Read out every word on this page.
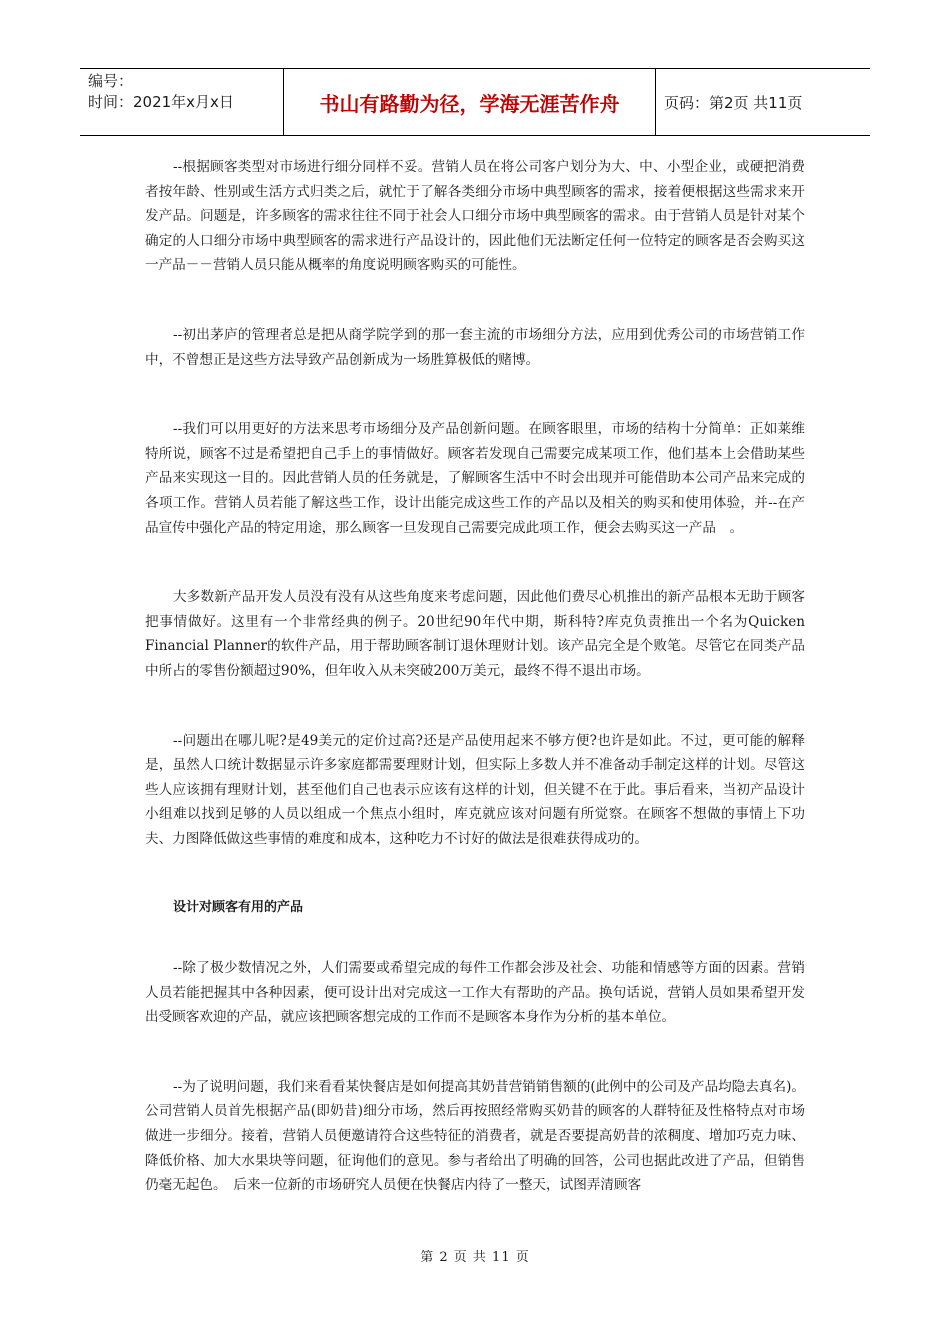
编号：
时间：2021年x月x日	书山有路勤为径，学海无涯苦作舟	页码：第2页 共11页

--根据顾客类型对市场进行细分同样不妥。营销人员在将公司客户划分为大、中、小型企业，或硬把消费者按年龄、性别或生活方式归类之后，就忙于了解各类细分市场中典型顾客的需求，接着便根据这些需求来开发产品。问题是，许多顾客的需求往往不同于社会人口细分市场中典型顾客的需求。由于营销人员是针对某个确定的人口细分市场中典型顾客的需求进行产品设计的，因此他们无法断定任何一位特定的顾客是否会购买这一产品－－营销人员只能从概率的角度说明顾客购买的可能性。

--初出茅庐的管理者总是把从商学院学到的那一套主流的市场细分方法，应用到优秀公司的市场营销工作中，不曾想正是这些方法导致产品创新成为一场胜算极低的赌博。

--我们可以用更好的方法来思考市场细分及产品创新问题。在顾客眼里，市场的结构十分简单：正如莱维特所说，顾客不过是希望把自己手上的事情做好。顾客若发现自己需要完成某项工作，他们基本上会借助某些产品来实现这一目的。因此营销人员的任务就是，了解顾客生活中不时会出现并可能借助本公司产品来完成的各项工作。营销人员若能了解这些工作，设计出能完成这些工作的产品以及相关的购买和使用体验，并--在产品宣传中强化产品的特定用途，那么顾客一旦发现自己需要完成此项工作，便会去购买这一产品　。

大多数新产品开发人员没有没有从这些角度来考虑问题，因此他们费尽心机推出的新产品根本无助于顾客把事情做好。这里有一个非常经典的例子。20世纪90年代中期，斯科特?库克负责推出一个名为Quicken Financial Planner的软件产品，用于帮助顾客制订退休理财计划。该产品完全是个败笔。尽管它在同类产品中所占的零售份额超过90%，但年收入从未突破200万美元，最终不得不退出市场。

--问题出在哪儿呢?是49美元的定价过高?还是产品使用起来不够方便?也许是如此。不过，更可能的解释是，虽然人口统计数据显示许多家庭都需要理财计划，但实际上多数人并不准备动手制定这样的计划。尽管这些人应该拥有理财计划，甚至他们自己也表示应该有这样的计划，但关键不在于此。事后看来，当初产品设计小组难以找到足够的人员以组成一个焦点小组时，库克就应该对问题有所觉察。在顾客不想做的事情上下功夫、力图降低做这些事情的难度和成本，这种吃力不讨好的做法是很难获得成功的。

设计对顾客有用的产品

--除了极少数情况之外，人们需要或希望完成的每件工作都会涉及社会、功能和情感等方面的因素。营销人员若能把握其中各种因素，便可设计出对完成这一工作大有帮助的产品。换句话说，营销人员如果希望开发出受顾客欢迎的产品，就应该把顾客想完成的工作而不是顾客本身作为分析的基本单位。

--为了说明问题，我们来看看某快餐店是如何提高其奶昔营销销售额的(此例中的公司及产品均隐去真名)。公司营销人员首先根据产品(即奶昔)细分市场，然后再按照经常购买奶昔的顾客的人群特征及性格特点对市场做进一步细分。接着，营销人员便邀请符合这些特征的消费者，就是否要提高奶昔的浓稠度、增加巧克力味、降低价格、加大水果块等问题，征询他们的意见。参与者给出了明确的回答，公司也据此改进了产品，但销售仍毫无起色。　后来一位新的市场研究人员便在快餐店内待了一整天，试图弄清顾客

第 2 页 共 11 页
